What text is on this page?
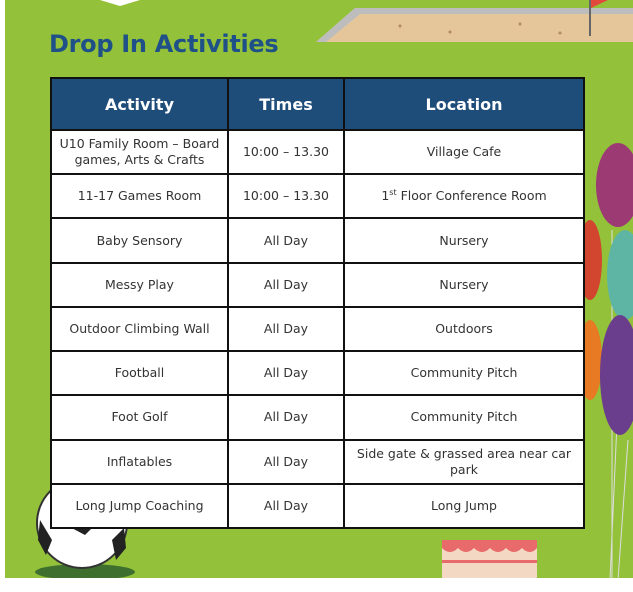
Drop In Activities
Activity	Times	Location
U10 Family Room – Board games, Arts & Crafts	10:00 – 13.30	Village Cafe
11-17 Games Room	10:00 – 13.30	1st Floor Conference Room
Baby Sensory	All Day	Nursery
Messy Play	All Day	Nursery
Outdoor Climbing Wall	All Day	Outdoors
Football	All Day	Community Pitch
Foot Golf	All Day	Community Pitch
Inflatables	All Day	Side gate & grassed area near car park
Long Jump Coaching	All Day	Long Jump
